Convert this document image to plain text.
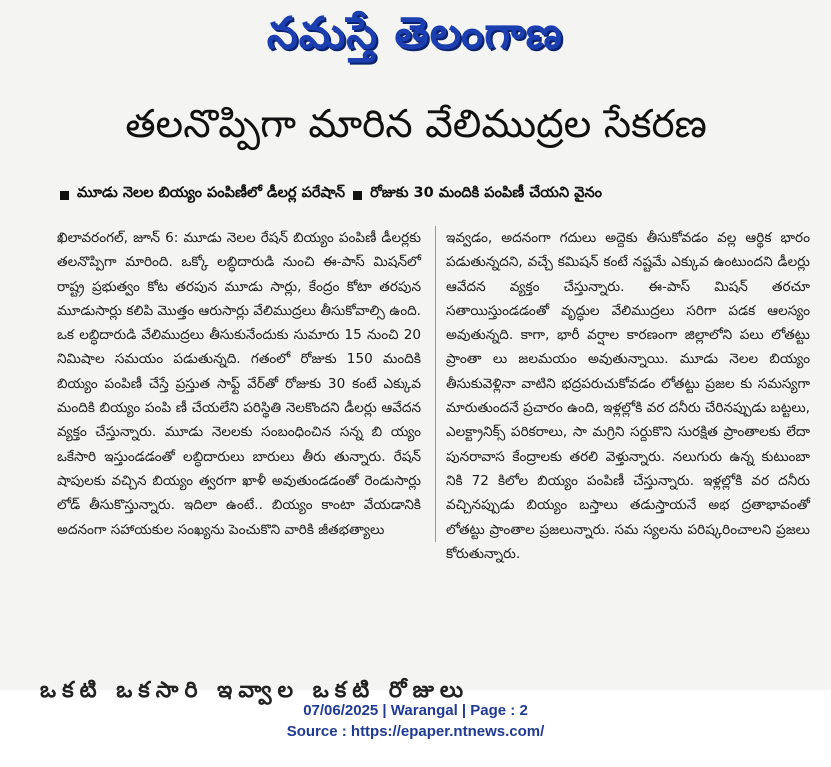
నమస్తే తెలంగాణ
తలనొప్పిగా మారిన వేలిముద్రల సేకరణ
మూడు నెలల బియ్యం పంపిణీలో డీలర్ల పరేషాన్ రోజుకు 30 మందికి పంపిణీ చేయని వైనం
ఖిలావరంగల్, జూన్ 6: మూడు నెలల రేషన్ బియ్యం పంపిణీ డీలర్లకు తలనొప్పిగా మారింది. ఒక్కో లబ్ధిదారుడి నుంచి ఈ-పాస్ మిషన్‌లో రాష్ట్ర ప్రభుత్వం కోట తరపున మూడు సార్లు, కేంద్రం కోటా తరపున మూడుసార్లు కలిపి మొత్తం ఆరుసార్లు వేలిముద్రలు తీసుకోవాల్సి ఉంది. ఒక లబ్ధిదారుడి వేలిముద్రలు తీసుకునేందుకు సుమారు 15 నుంచి 20 నిమిషాల సమయం పడుతున్నది. గతంలో రోజుకు 150 మందికి బియ్యం పంపిణీ చేస్తే ప్రస్తుత సాఫ్ట్ వేర్‌తో రోజుకు 30 కంటే ఎక్కువ మందికి బియ్యం పంపి ణీ చేయలేని పరిస్థితి నెలకొందని డీలర్లు ఆవేదన వ్యక్తం చేస్తున్నారు. మూడు నెలలకు సంబంధించిన సన్న బి య్యం ఒకేసారి ఇస్తుండడంతో లబ్ధిదారులు బారులు తీరు తున్నారు. రేషన్ షాపులకు వచ్చిన బియ్యం త్వరగా ఖాళీ అవుతుండడంతో రెండుసార్లు లోడ్ తీసుకొస్తున్నారు. ఇదిలా ఉంటే.. బియ్యం కాంటా వేయడానికి అదనంగా సహాయకుల సంఖ్యను పెంచుకొని వారికి జీతభత్యాలు
ఇవ్వడం, అదనంగా గదులు అద్దెకు తీసుకోవడం వల్ల ఆర్థిక భారం పడుతున్నదని, వచ్చే కమిషన్ కంటే నష్టమే ఎక్కువ ఉంటుందని డీలర్లు ఆవేదన వ్యక్తం చేస్తున్నారు. ఈ-పాస్ మిషన్ తరచూ సతాయిస్తుండడంతో వృద్ధుల వేలిముద్రలు సరిగా పడక ఆలస్యం అవుతున్నది. కాగా, భారీ వర్షాల కారణంగా జిల్లాలోని పలు లోతట్టు ప్రాంతా లు జలమయం అవుతున్నాయి. మూడు నెలల బియ్యం తీసుకువెళ్లినా వాటిని భద్రపరుచుకోవడం లోతట్టు ప్రజల కు సమస్యగా మారుతుందనే ప్రచారం ఉంది, ఇళ్లల్లోకి వర దనీరు చేరినప్పుడు బట్టలు, ఎలక్ట్రానిక్స్ పరికరాలు, సా మగ్రిని సర్దుకొని సురక్షిత ప్రాంతాలకు లేదా పునరావాస కేంద్రాలకు తరలి వెళ్తున్నారు. నలుగురు ఉన్న కుటుంబా నికి 72 కిలోల బియ్యం పంపిణీ చేస్తున్నారు. ఇళ్లల్లోకి వర దనీరు వచ్చినప్పుడు బియ్యం బస్తాలు తడుస్తాయనే అభ ద్రతాభావంతో లోతట్టు ప్రాంతాల ప్రజలున్నారు. సమ స్యలను పరిష్కరించాలని ప్రజలు కోరుతున్నారు.
ఒకటి ఒకసారి ఇవ్వాల ఒకటి రోజులు
07/06/2025 | Warangal | Page : 2
Source : https://epaper.ntnews.com/
